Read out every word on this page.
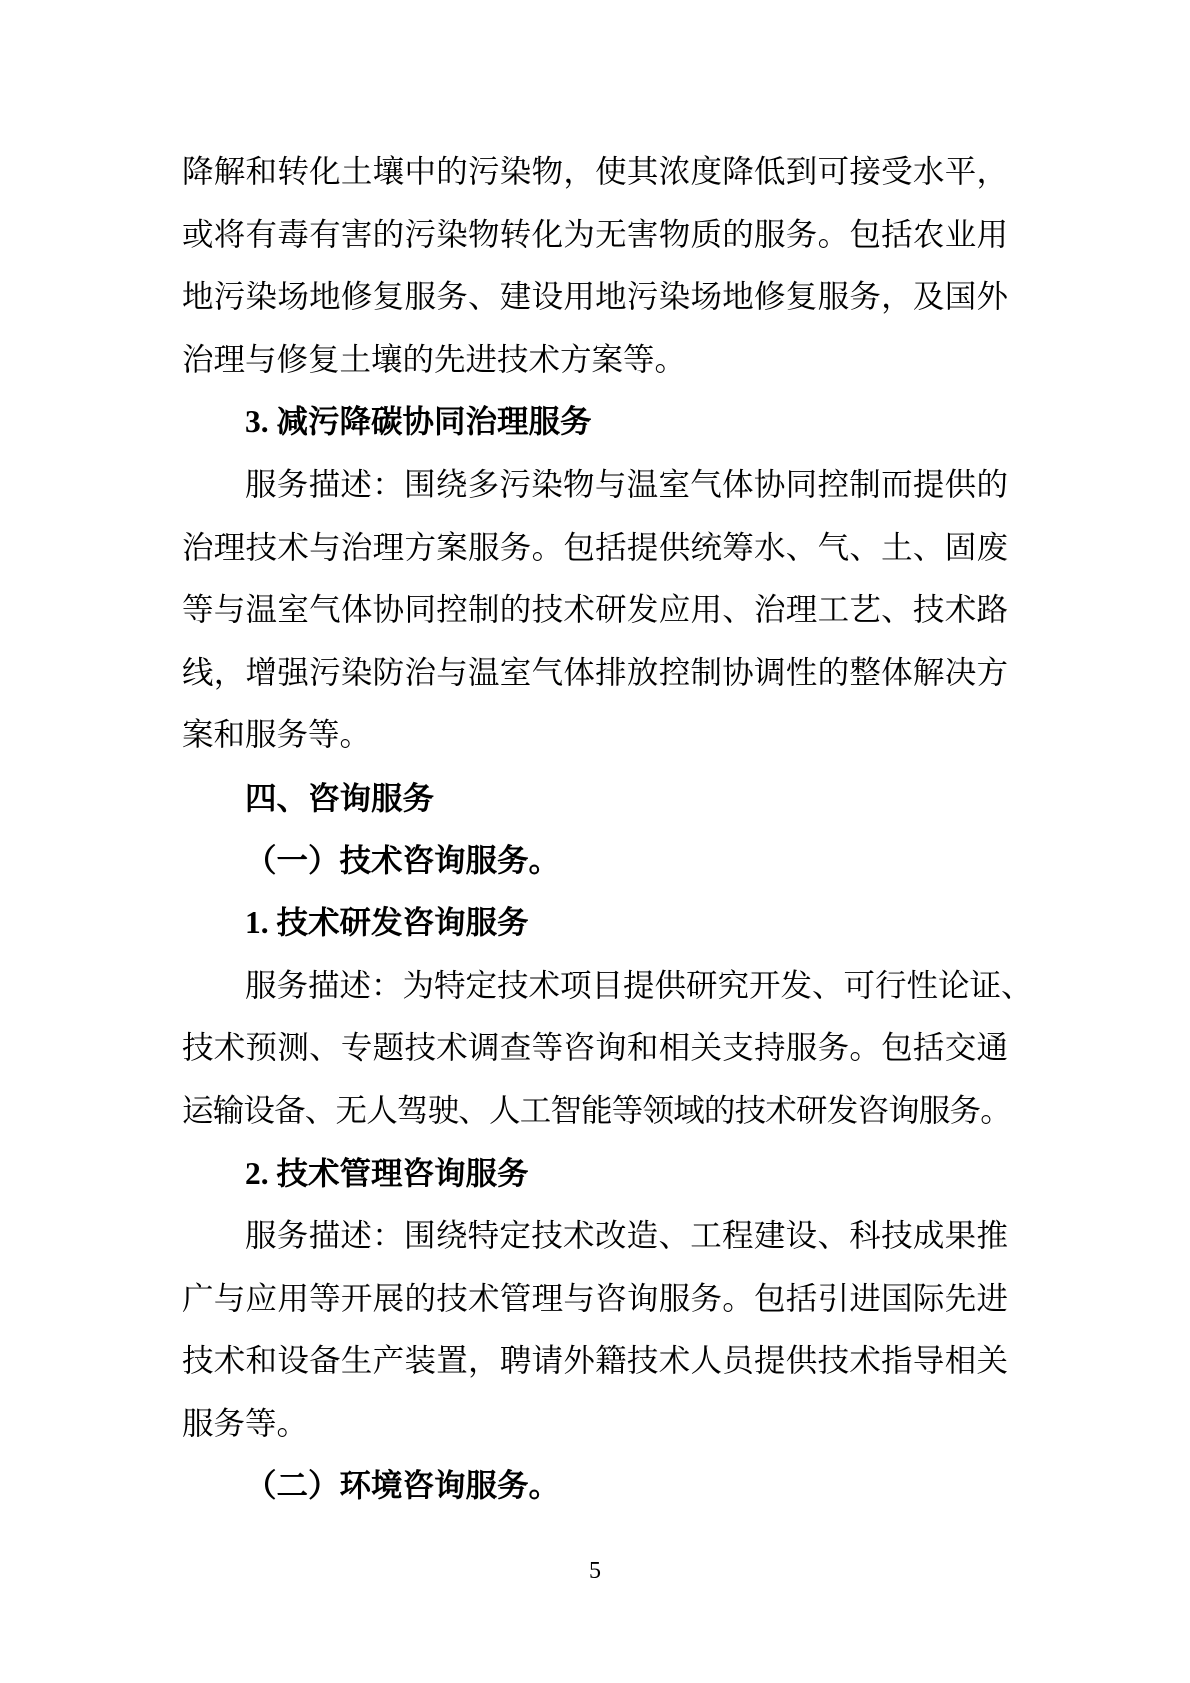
降解和转化土壤中的污染物，使其浓度降低到可接受水平，
或将有毒有害的污染物转化为无害物质的服务。包括农业用
地污染场地修复服务、建设用地污染场地修复服务，及国外
治理与修复土壤的先进技术方案等。
3. 减污降碳协同治理服务
服务描述：围绕多污染物与温室气体协同控制而提供的
治理技术与治理方案服务。包括提供统筹水、气、土、固废
等与温室气体协同控制的技术研发应用、治理工艺、技术路
线，增强污染防治与温室气体排放控制协调性的整体解决方
案和服务等。
四、咨询服务
（一）技术咨询服务。
1. 技术研发咨询服务
服务描述：为特定技术项目提供研究开发、可行性论证、
技术预测、专题技术调查等咨询和相关支持服务。包括交通
运输设备、无人驾驶、人工智能等领域的技术研发咨询服务。
2. 技术管理咨询服务
服务描述：围绕特定技术改造、工程建设、科技成果推
广与应用等开展的技术管理与咨询服务。包括引进国际先进
技术和设备生产装置，聘请外籍技术人员提供技术指导相关
服务等。
（二）环境咨询服务。
5
